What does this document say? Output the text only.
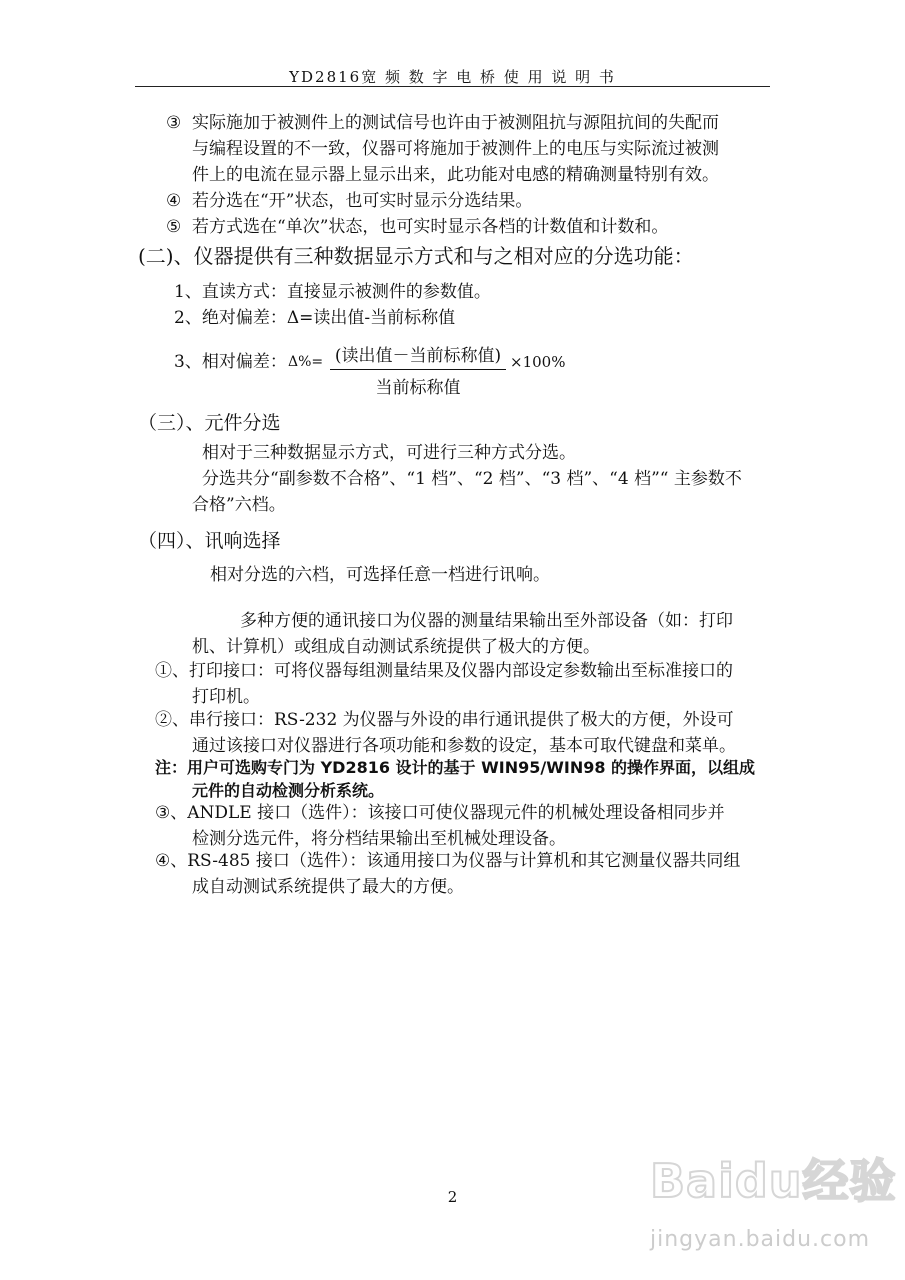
YD2816宽 频 数 字 电 桥 使 用 说 明 书
③ 实际施加于被测件上的测试信号也许由于被测阻抗与源阻抗间的失配而
与编程设置的不一致，仪器可将施加于被测件上的电压与实际流过被测
件上的电流在显示器上显示出来，此功能对电感的精确测量特别有效。
④ 若分选在“开”状态，也可实时显示分选结果。
⑤ 若方式选在“单次”状态，也可实时显示各档的计数值和计数和。
(二)、仪器提供有三种数据显示方式和与之相对应的分选功能：
1、直读方式：直接显示被测件的参数值。
2、绝对偏差：Δ=读出值-当前标称值
3、相对偏差： Δ%= (读出值－当前标称值)
当前标称值
×100%
（三）、元件分选
相对于三种数据显示方式，可进行三种方式分选。
分选共分“副参数不合格”、“1 档”、“2 档”、“3 档”、“4 档”“ 主参数不
合格”六档。
（四）、讯响选择
相对分选的六档，可选择任意一档进行讯响。
多种方便的通讯接口为仪器的测量结果输出至外部设备（如：打印
机、计算机）或组成自动测试系统提供了极大的方便。
①、打印接口：可将仪器每组测量结果及仪器内部设定参数输出至标准接口的
打印机。
②、串行接口：RS-232 为仪器与外设的串行通讯提供了极大的方便，外设可
通过该接口对仪器进行各项功能和参数的设定，基本可取代键盘和菜单。
注：用户可选购专门为 YD2816 设计的基于 WIN95/WIN98 的操作界面，以组成
元件的自动检测分析系统。
③、ANDLE 接口（选件）：该接口可使仪器现元件的机械处理设备相同步并
检测分选元件，将分档结果输出至机械处理设备。
④、RS-485 接口（选件）：该通用接口为仪器与计算机和其它测量仪器共同组
成自动测试系统提供了最大的方便。
2	Baidu经验
jingyan.baidu.com
